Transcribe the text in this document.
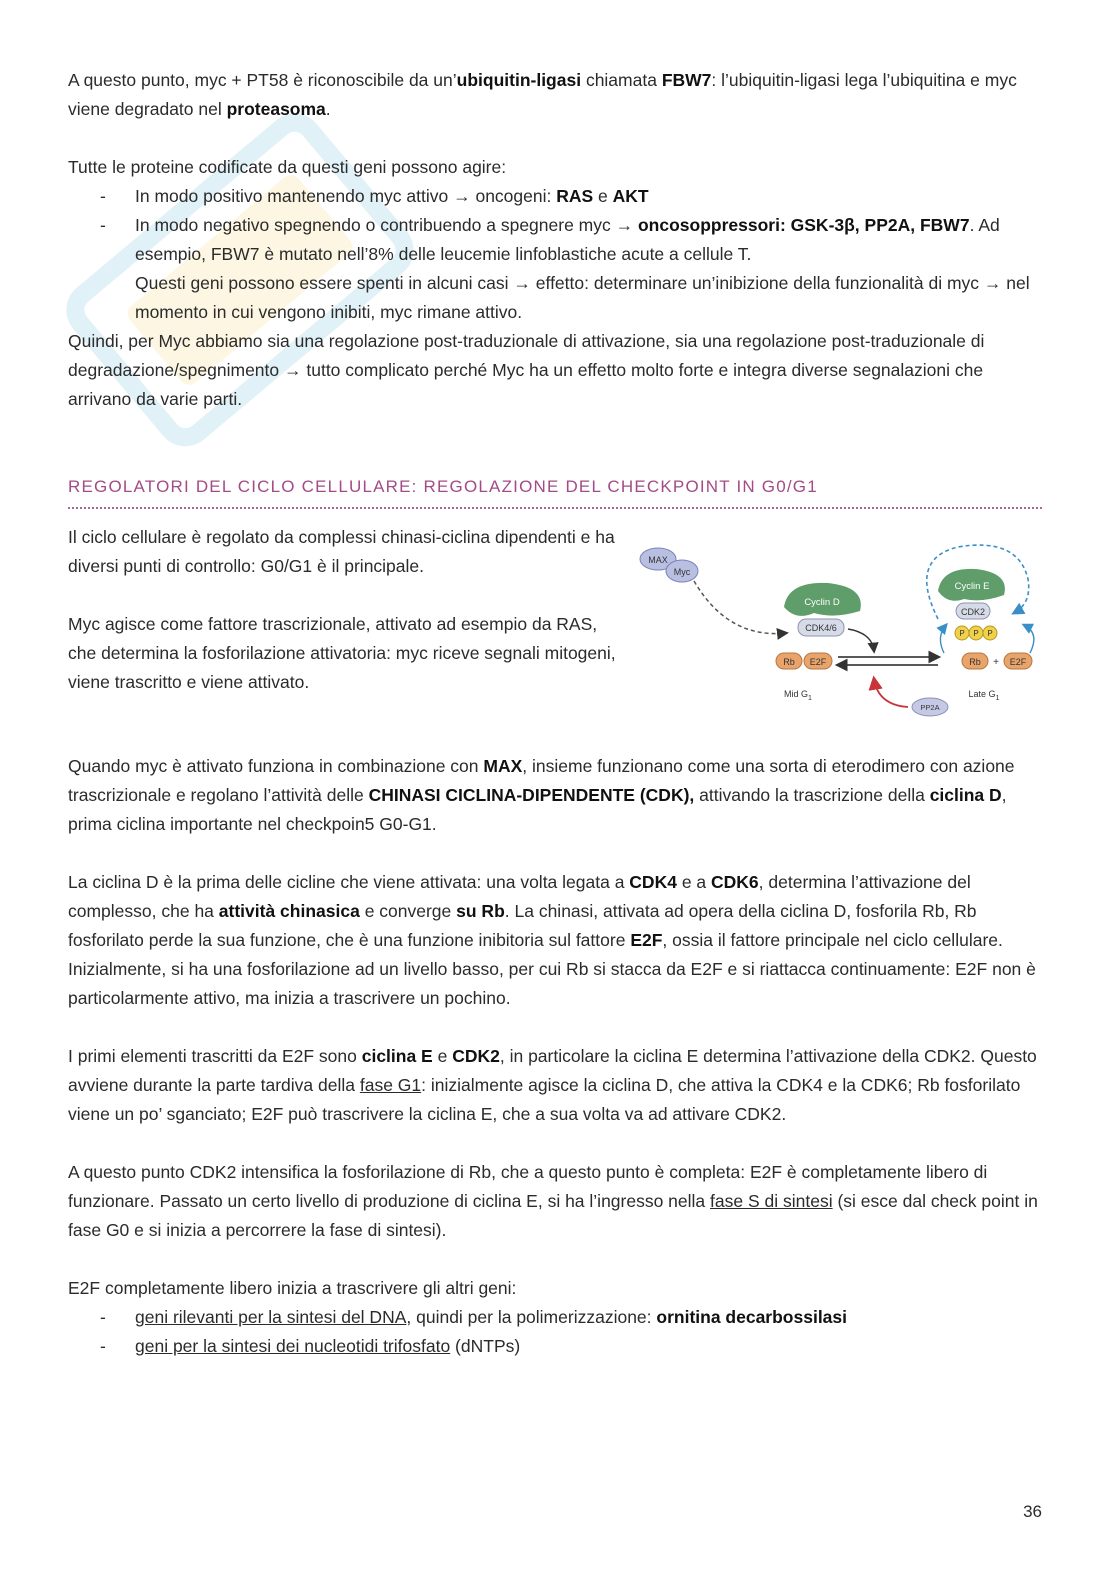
A questo punto, myc + PT58 è riconoscibile da un’ubiquitin-ligasi chiamata FBW7: l’ubiquitin-ligasi lega l’ubiquitina e myc viene degradato nel proteasoma.

Tutte le proteine codificate da questi geni possono agire:

- In modo positivo mantenendo myc attivo → oncogeni: RAS e AKT
- In modo negativo spegnendo o contribuendo a spegnere myc → oncosoppressori: GSK-3β, PP2A, FBW7. Ad esempio, FBW7 è mutato nell’8% delle leucemie linfoblastiche acute a cellule T.
Questi geni possono essere spenti in alcuni casi → effetto: determinare un’inibizione della funzionalità di myc → nel momento in cui vengono inibiti, myc rimane attivo.

Quindi, per Myc abbiamo sia una regolazione post-traduzionale di attivazione, sia una regolazione post-traduzionale di degradazione/spegnimento → tutto complicato perché Myc ha un effetto molto forte e integra diverse segnalazioni che arrivano da varie parti.

REGOLATORI DEL CICLO CELLULARE: REGOLAZIONE DEL CHECKPOINT IN G0/G1

Il ciclo cellulare è regolato da complessi chinasi-ciclina dipendenti e ha diversi punti di controllo: G0/G1 è il principale.

Myc agisce come fattore trascrizionale, attivato ad esempio da RAS, che determina la fosforilazione attivatoria: myc riceve segnali mitogeni, viene trascritto e viene attivato.

MAX
Myc
Cyclin D
CDK4/6
Rb E2F
Mid $G_1$
Cyclin E
CDK2
P P P
Rb + E2F
Late $G_1$
PP2A

Quando myc è attivato funziona in combinazione con MAX, insieme funzionano come una sorta di eterodimero con azione trascrizionale e regolano l’attività delle CHINASI CICLINA-DIPENDENTE (CDK), attivando la trascrizione della ciclina D, prima ciclina importante nel checkpoin5 G0-G1.

La ciclina D è la prima delle cicline che viene attivata: una volta legata a CDK4 e a CDK6, determina l’attivazione del complesso, che ha attività chinasica e converge su Rb. La chinasi, attivata ad opera della ciclina D, fosforila Rb, Rb fosforilato perde la sua funzione, che è una funzione inibitoria sul fattore E2F, ossia il fattore principale nel ciclo cellulare. Inizialmente, si ha una fosforilazione ad un livello basso, per cui Rb si stacca da E2F e si riattacca continuamente: E2F non è particolarmente attivo, ma inizia a trascrivere un pochino.

I primi elementi trascritti da E2F sono ciclina E e CDK2, in particolare la ciclina E determina l’attivazione della CDK2. Questo avviene durante la parte tardiva della fase G1: inizialmente agisce la ciclina D, che attiva la CDK4 e la CDK6; Rb fosforilato viene un po’ sganciato; E2F può trascrivere la ciclina E, che a sua volta va ad attivare CDK2.

A questo punto CDK2 intensifica la fosforilazione di Rb, che a questo punto è completa: E2F è completamente libero di funzionare. Passato un certo livello di produzione di ciclina E, si ha l’ingresso nella fase S di sintesi (si esce dal check point in fase G0 e si inizia a percorrere la fase di sintesi).

E2F completamente libero inizia a trascrivere gli altri geni:

- geni rilevanti per la sintesi del DNA, quindi per la polimerizzazione: ornitina decarbossilasi
- geni per la sintesi dei nucleotidi trifosfato (dNTPs)
36
